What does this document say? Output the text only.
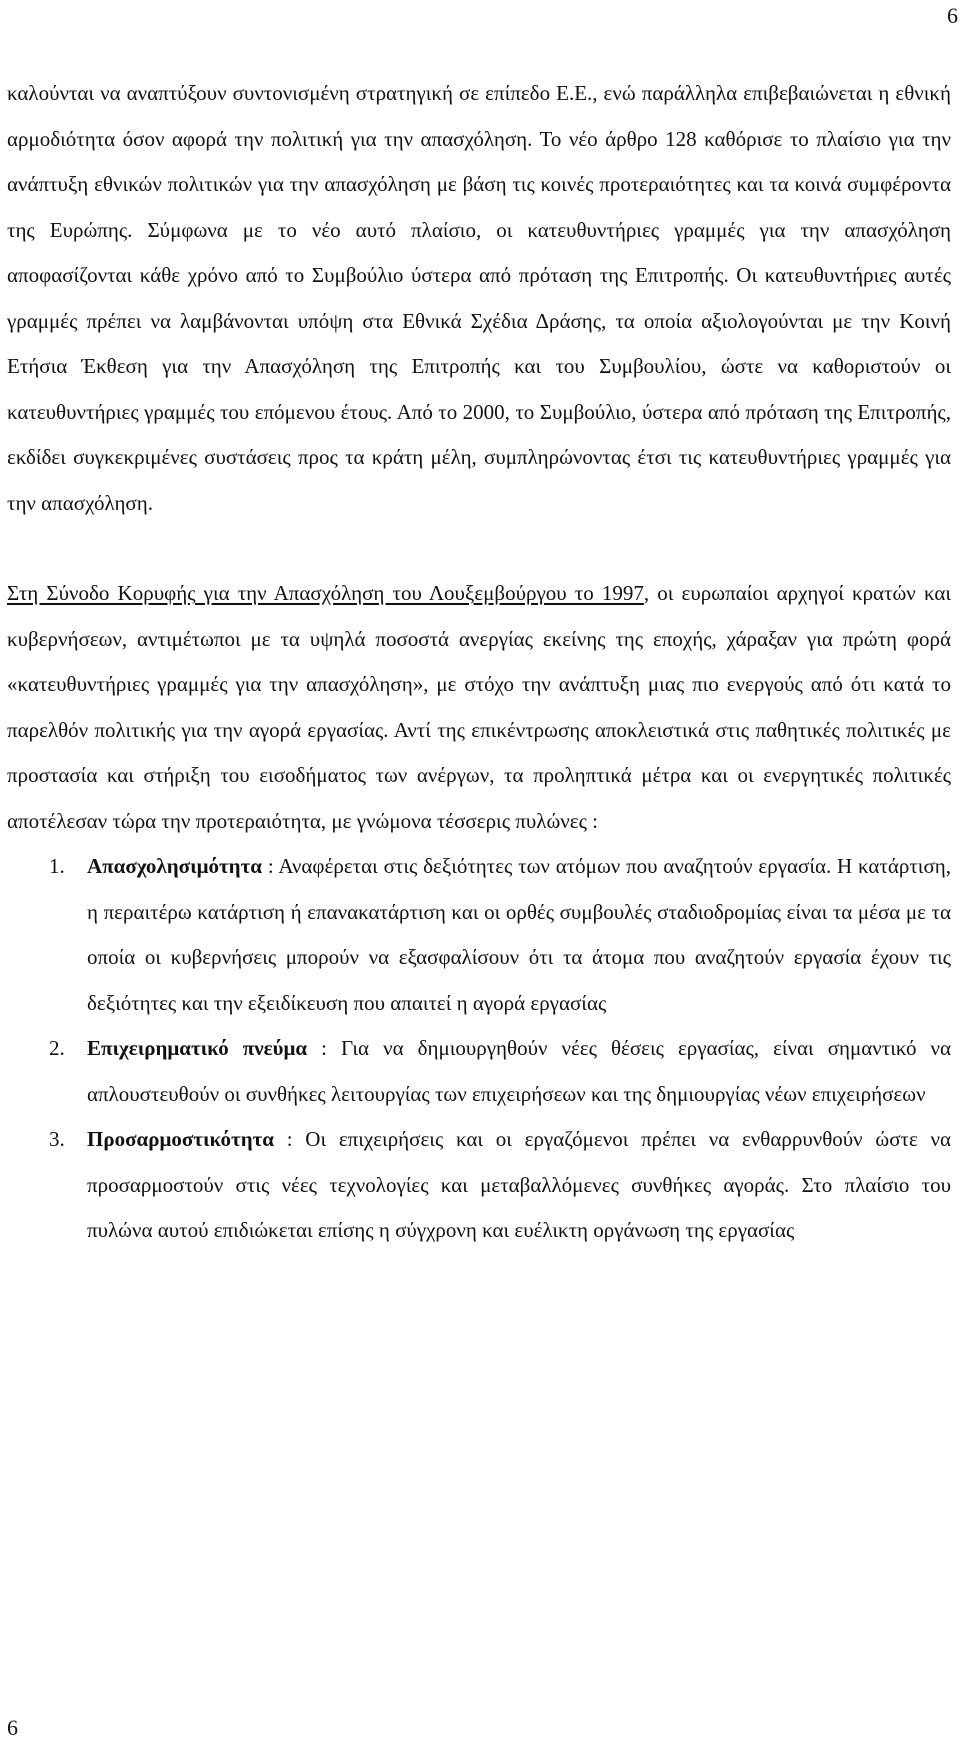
6

καλούνται να αναπτύξουν συντονισμένη στρατηγική σε επίπεδο Ε.Ε., ενώ παράλληλα επιβεβαιώνεται η εθνική αρμοδιότητα όσον αφορά την πολιτική για την απασχόληση. Το νέο άρθρο 128 καθόρισε το πλαίσιο για την ανάπτυξη εθνικών πολιτικών για την απασχόληση με βάση τις κοινές προτεραιότητες και τα κοινά συμφέροντα της Ευρώπης. Σύμφωνα με το νέο αυτό πλαίσιο, οι κατευθυντήριες γραμμές για την απασχόληση αποφασίζονται κάθε χρόνο από το Συμβούλιο ύστερα από πρόταση της Επιτροπής. Οι κατευθυντήριες αυτές γραμμές πρέπει να λαμβάνονται υπόψη στα Εθνικά Σχέδια Δράσης, τα οποία αξιολογούνται με την Κοινή Ετήσια Έκθεση για την Απασχόληση της Επιτροπής και του Συμβουλίου, ώστε να καθοριστούν οι κατευθυντήριες γραμμές του επόμενου έτους. Από το 2000, το Συμβούλιο, ύστερα από πρόταση της Επιτροπής, εκδίδει συγκεκριμένες συστάσεις προς τα κράτη μέλη, συμπληρώνοντας έτσι τις κατευθυντήριες γραμμές για την απασχόληση.

Στη Σύνοδο Κορυφής για την Απασχόληση του Λουξεμβούργου το 1997, οι ευρωπαίοι αρχηγοί κρατών και κυβερνήσεων, αντιμέτωποι με τα υψηλά ποσοστά ανεργίας εκείνης της εποχής, χάραξαν για πρώτη φορά «κατευθυντήριες γραμμές για την απασχόληση», με στόχο την ανάπτυξη μιας πιο ενεργούς από ότι κατά το παρελθόν πολιτικής για την αγορά εργασίας. Αντί της επικέντρωσης αποκλειστικά στις παθητικές πολιτικές με προστασία και στήριξη του εισοδήματος των ανέργων, τα προληπτικά μέτρα και οι ενεργητικές πολιτικές αποτέλεσαν τώρα την προτεραιότητα, με γνώμονα τέσσερις πυλώνες :

1. Απασχολησιμότητα : Αναφέρεται στις δεξιότητες των ατόμων που αναζητούν εργασία. Η κατάρτιση, η περαιτέρω κατάρτιση ή επανακατάρτιση και οι ορθές συμβουλές σταδιοδρομίας είναι τα μέσα με τα οποία οι κυβερνήσεις μπορούν να εξασφαλίσουν ότι τα άτομα που αναζητούν εργασία έχουν τις δεξιότητες και την εξειδίκευση που απαιτεί η αγορά εργασίας
2. Επιχειρηματικό πνεύμα : Για να δημιουργηθούν νέες θέσεις εργασίας, είναι σημαντικό να απλουστευθούν οι συνθήκες λειτουργίας των επιχειρήσεων και της δημιουργίας νέων επιχειρήσεων
3. Προσαρμοστικότητα : Οι επιχειρήσεις και οι εργαζόμενοι πρέπει να ενθαρρυνθούν ώστε να προσαρμοστούν στις νέες τεχνολογίες και μεταβαλλόμενες συνθήκες αγοράς. Στο πλαίσιο του πυλώνα αυτού επιδιώκεται επίσης η σύγχρονη και ευέλικτη οργάνωση της εργασίας
6
